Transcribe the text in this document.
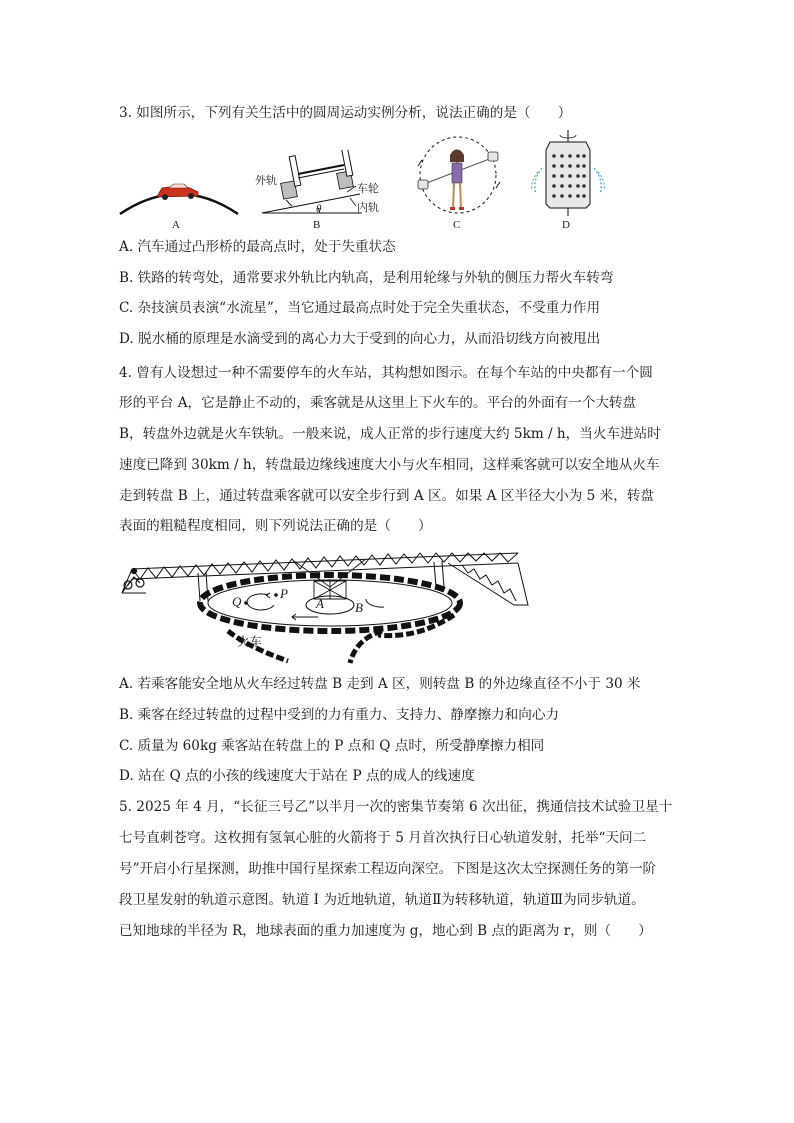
3. 如图所示，下列有关生活中的圆周运动实例分析，说法正确的是（　　）
A
外轨
车轮
内轨
θ
B	C	D
A. 汽车通过凸形桥的最高点时，处于失重状态
B. 铁路的转弯处，通常要求外轨比内轨高，是利用轮缘与外轨的侧压力帮火车转弯
C. 杂技演员表演“水流星”，当它通过最高点时处于完全失重状态，不受重力作用
D. 脱水桶的原理是水滴受到的离心力大于受到的向心力，从而沿切线方向被甩出
4. 曾有人设想过一种不需要停车的火车站，其构想如图示。在每个车站的中央都有一个圆
形的平台 A，它是静止不动的，乘客就是从这里上下火车的。平台的外面有一个大转盘
B，转盘外边就是火车铁轨。一般来说，成人正常的步行速度大约 5km / h，当火车进站时
速度已降到 30km / h，转盘最边缘线速度大小与火车相同，这样乘客就可以安全地从火车
走到转盘 B 上，通过转盘乘客就可以安全步行到 A 区。如果 A 区半径大小为 5 米，转盘
表面的粗糙程度相同，则下列说法正确的是（　　）
Q
P
A B
火车
A. 若乘客能安全地从火车经过转盘 B 走到 A 区，则转盘 B 的外边缘直径不小于 30 米
B. 乘客在经过转盘的过程中受到的力有重力、支持力、静摩擦力和向心力
C. 质量为 60kg 乘客站在转盘上的 P 点和 Q 点时，所受静摩擦力相同
D. 站在 Q 点的小孩的线速度大于站在 P 点的成人的线速度
5. 2025 年 4 月，“长征三号乙”以半月一次的密集节奏第 6 次出征，携通信技术试验卫星十
七号直刺苍穹。这枚拥有氢氧心脏的火箭将于 5 月首次执行日心轨道发射，托举“天问二
号”开启小行星探测，助推中国行星探索工程迈向深空。下图是这次太空探测任务的第一阶
段卫星发射的轨道示意图。轨道 I 为近地轨道，轨道Ⅱ为转移轨道，轨道Ⅲ为同步轨道。
已知地球的半径为 R，地球表面的重力加速度为 g，地心到 B 点的距离为 r，则（　　）
